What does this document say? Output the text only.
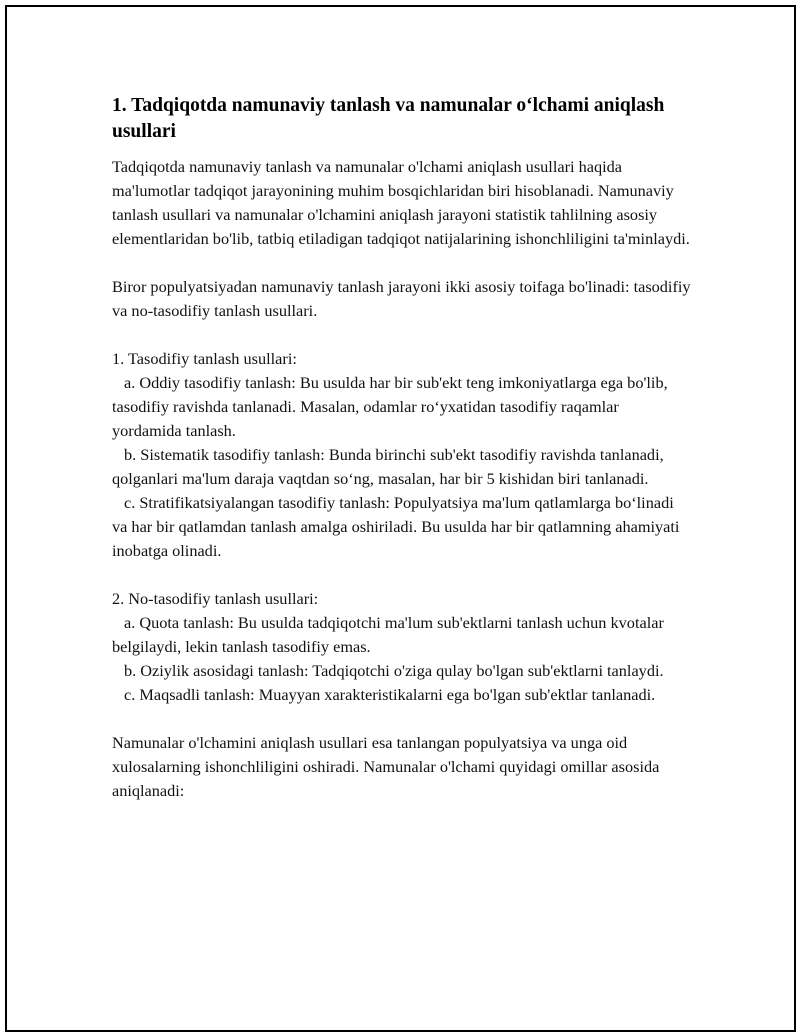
1. Tadqiqotda namunaviy tanlash va namunalar o‘lchami aniqlash usullari

Tadqiqotda namunaviy tanlash va namunalar o'lchami aniqlash usullari haqida ma'lumotlar tadqiqot jarayonining muhim bosqichlaridan biri hisoblanadi. Namunaviy tanlash usullari va namunalar o'lchamini aniqlash jarayoni statistik tahlilning asosiy elementlaridan bo'lib, tatbiq etiladigan tadqiqot natijalarining ishonchliligini ta'minlaydi.

Biror populyatsiyadan namunaviy tanlash jarayoni ikki asosiy toifaga bo'linadi: tasodifiy va no-tasodifiy tanlash usullari.

1. Tasodifiy tanlash usullari:

a. Oddiy tasodifiy tanlash: Bu usulda har bir sub'ekt teng imkoniyatlarga ega bo'lib, tasodifiy ravishda tanlanadi. Masalan, odamlar ro‘yxatidan tasodifiy raqamlar yordamida tanlash.

b. Sistematik tasodifiy tanlash: Bunda birinchi sub'ekt tasodifiy ravishda tanlanadi, qolganlari ma'lum daraja vaqtdan so‘ng, masalan, har bir 5 kishidan biri tanlanadi.

c. Stratifikatsiyalangan tasodifiy tanlash: Populyatsiya ma'lum qatlamlarga bo‘linadi va har bir qatlamdan tanlash amalga oshiriladi. Bu usulda har bir qatlamning ahamiyati inobatga olinadi.

2. No-tasodifiy tanlash usullari:

a. Quota tanlash: Bu usulda tadqiqotchi ma'lum sub'ektlarni tanlash uchun kvotalar belgilaydi, lekin tanlash tasodifiy emas.

b. Oziylik asosidagi tanlash: Tadqiqotchi o'ziga qulay bo'lgan sub'ektlarni tanlaydi.

c. Maqsadli tanlash: Muayyan xarakteristikalarni ega bo'lgan sub'ektlar tanlanadi.

Namunalar o'lchamini aniqlash usullari esa tanlangan populyatsiya va unga oid xulosalarning ishonchliligini oshiradi. Namunalar o'lchami quyidagi omillar asosida aniqlanadi:
